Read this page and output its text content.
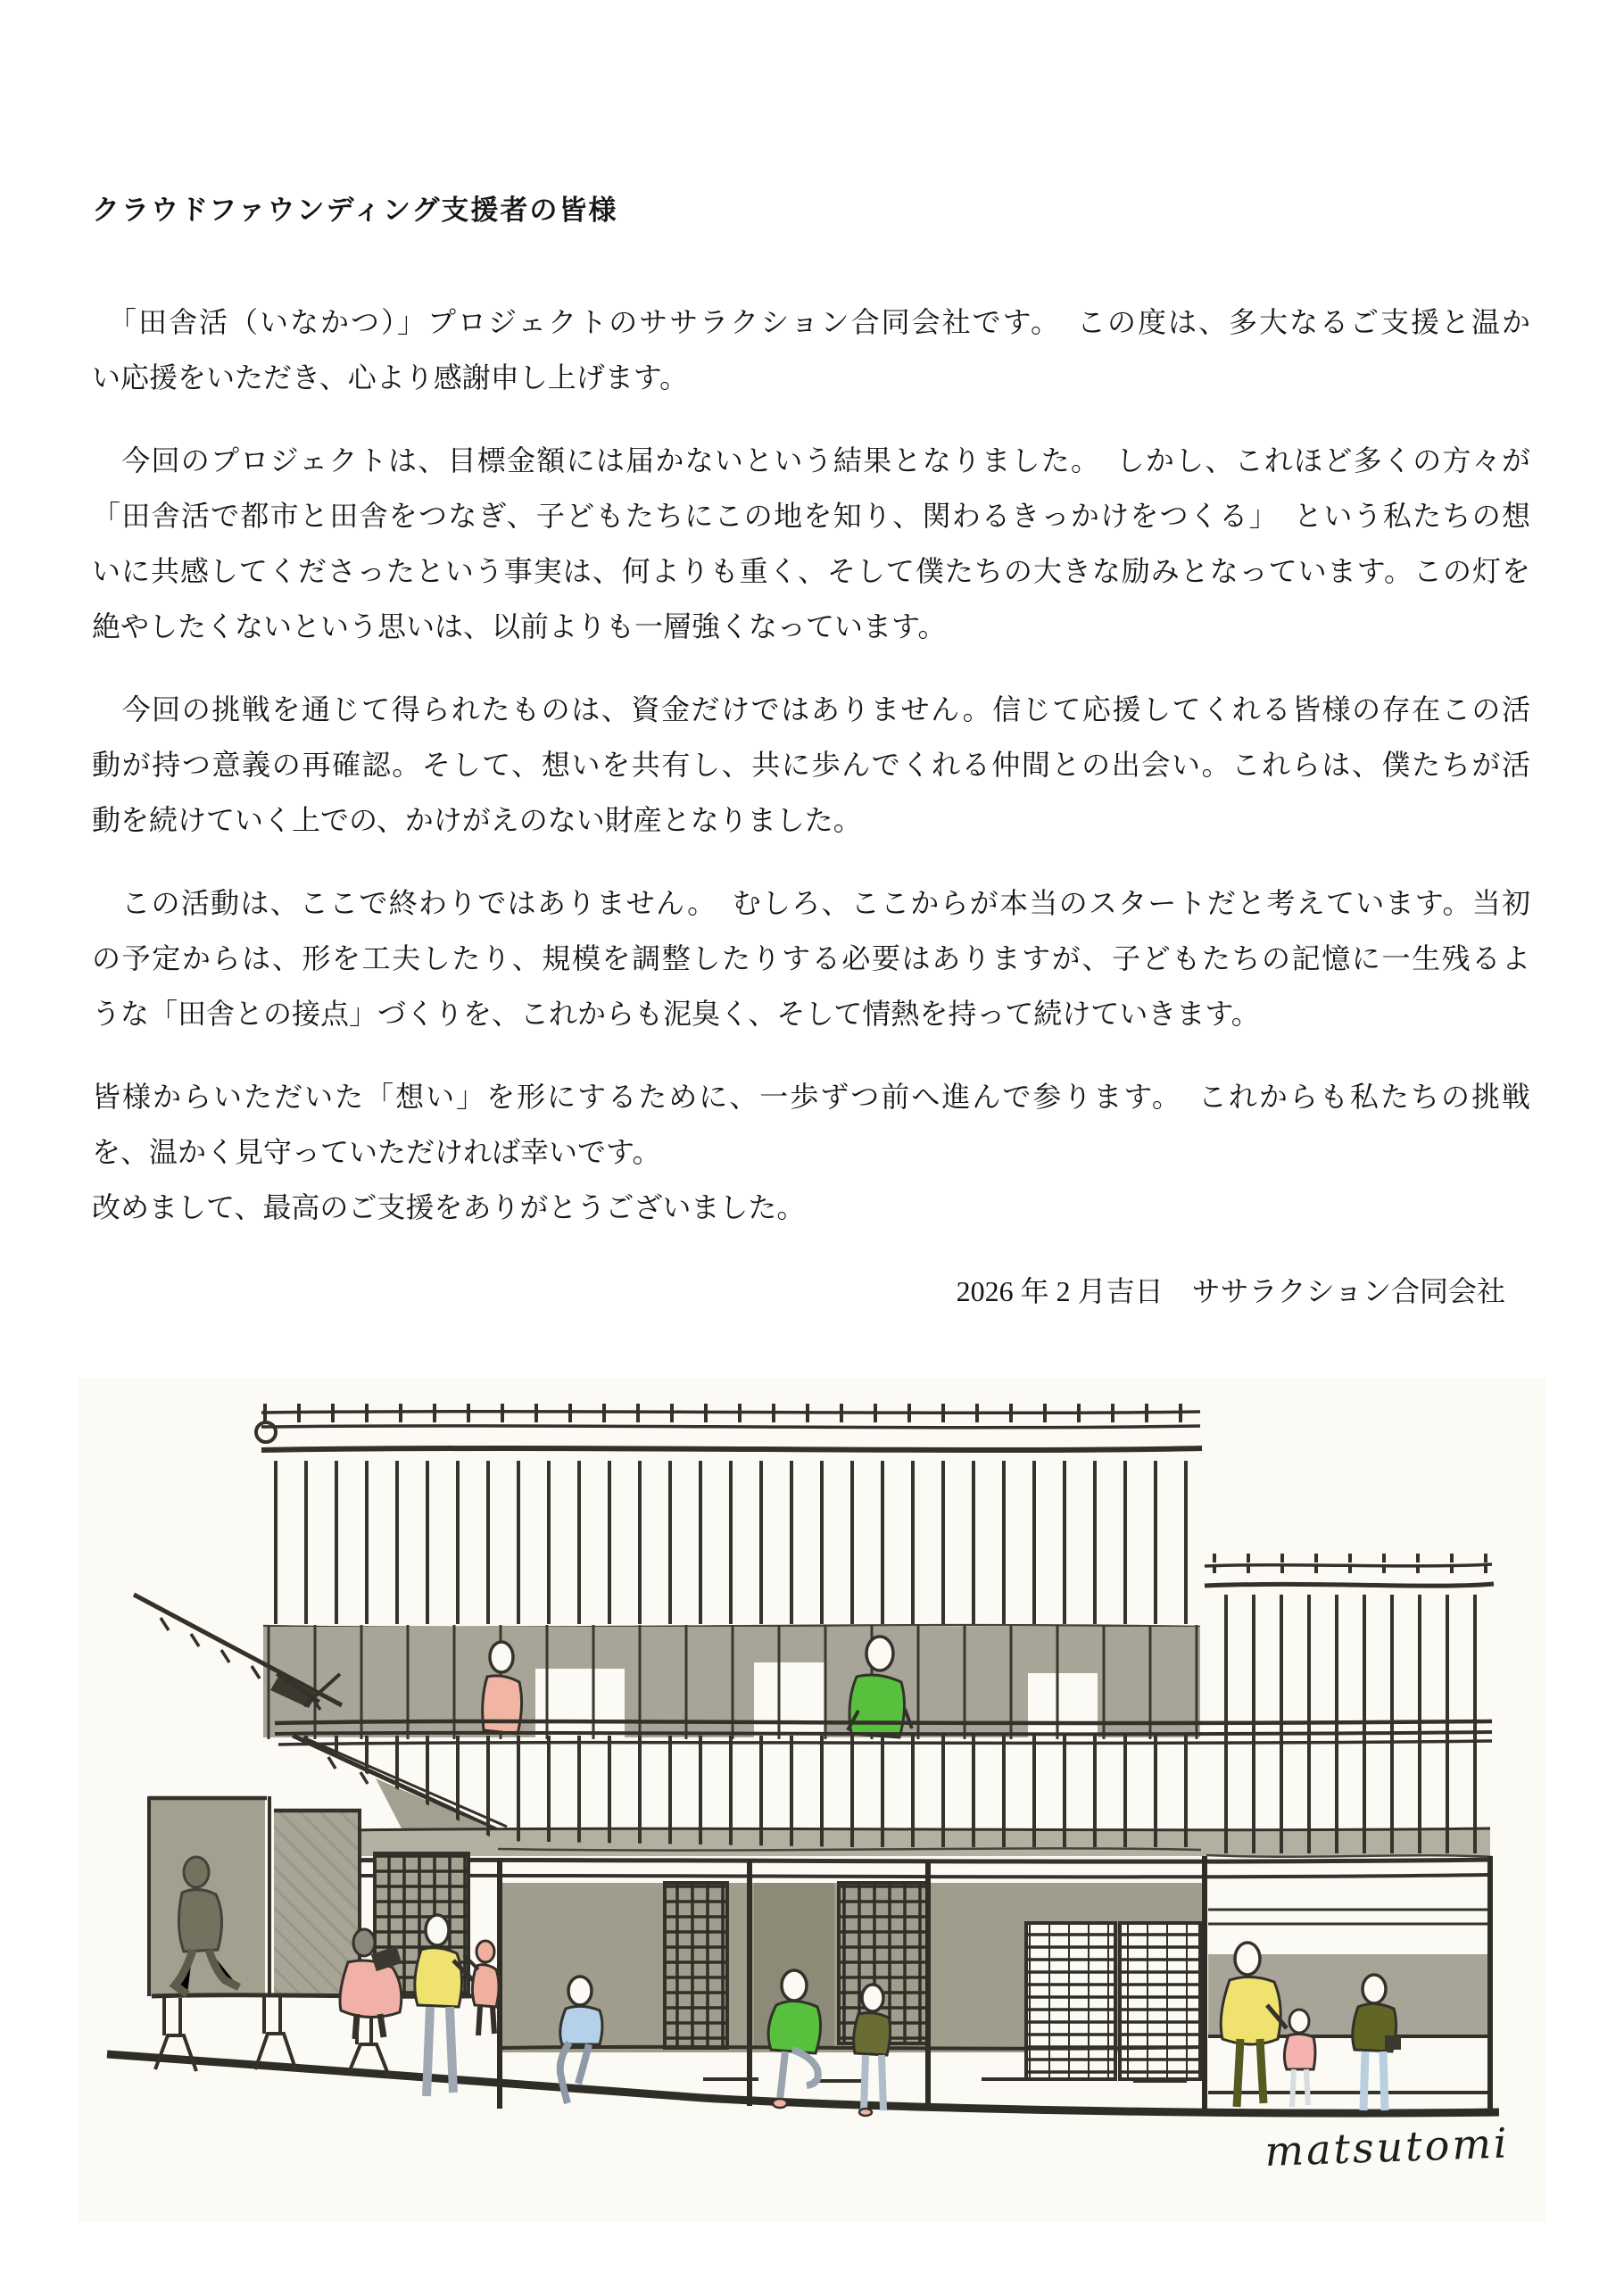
クラウドファウンディング支援者の皆様
　「田舎活（いなかつ）」プロジェクトのササラクション合同会社です。　この度は、多大なるご支援と温か
い応援をいただき、心より感謝申し上げます。
　今回のプロジェクトは、目標金額には届かないという結果となりました。　しかし、これほど多くの方々が
「田舎活で都市と田舎をつなぎ、子どもたちにこの地を知り、関わるきっかけをつくる」　という私たちの想
いに共感してくださったという事実は、何よりも重く、そして僕たちの大きな励みとなっています。この灯を
絶やしたくないという思いは、以前よりも一層強くなっています。
　今回の挑戦を通じて得られたものは、資金だけではありません。信じて応援してくれる皆様の存在この活
動が持つ意義の再確認。そして、想いを共有し、共に歩んでくれる仲間との出会い。これらは、僕たちが活
動を続けていく上での、かけがえのない財産となりました。
　この活動は、ここで終わりではありません。　むしろ、ここからが本当のスタートだと考えています。当初
の予定からは、形を工夫したり、規模を調整したりする必要はありますが、子どもたちの記憶に一生残るよ
うな「田舎との接点」づくりを、これからも泥臭く、そして情熱を持って続けていきます。
皆様からいただいた「想い」を形にするために、一歩ずつ前へ進んで参ります。　これからも私たちの挑戦
を、温かく見守っていただければ幸いです。
改めまして、最高のご支援をありがとうございました。
2026 年 2 月吉日　ササラクション合同会社
matsutomi
